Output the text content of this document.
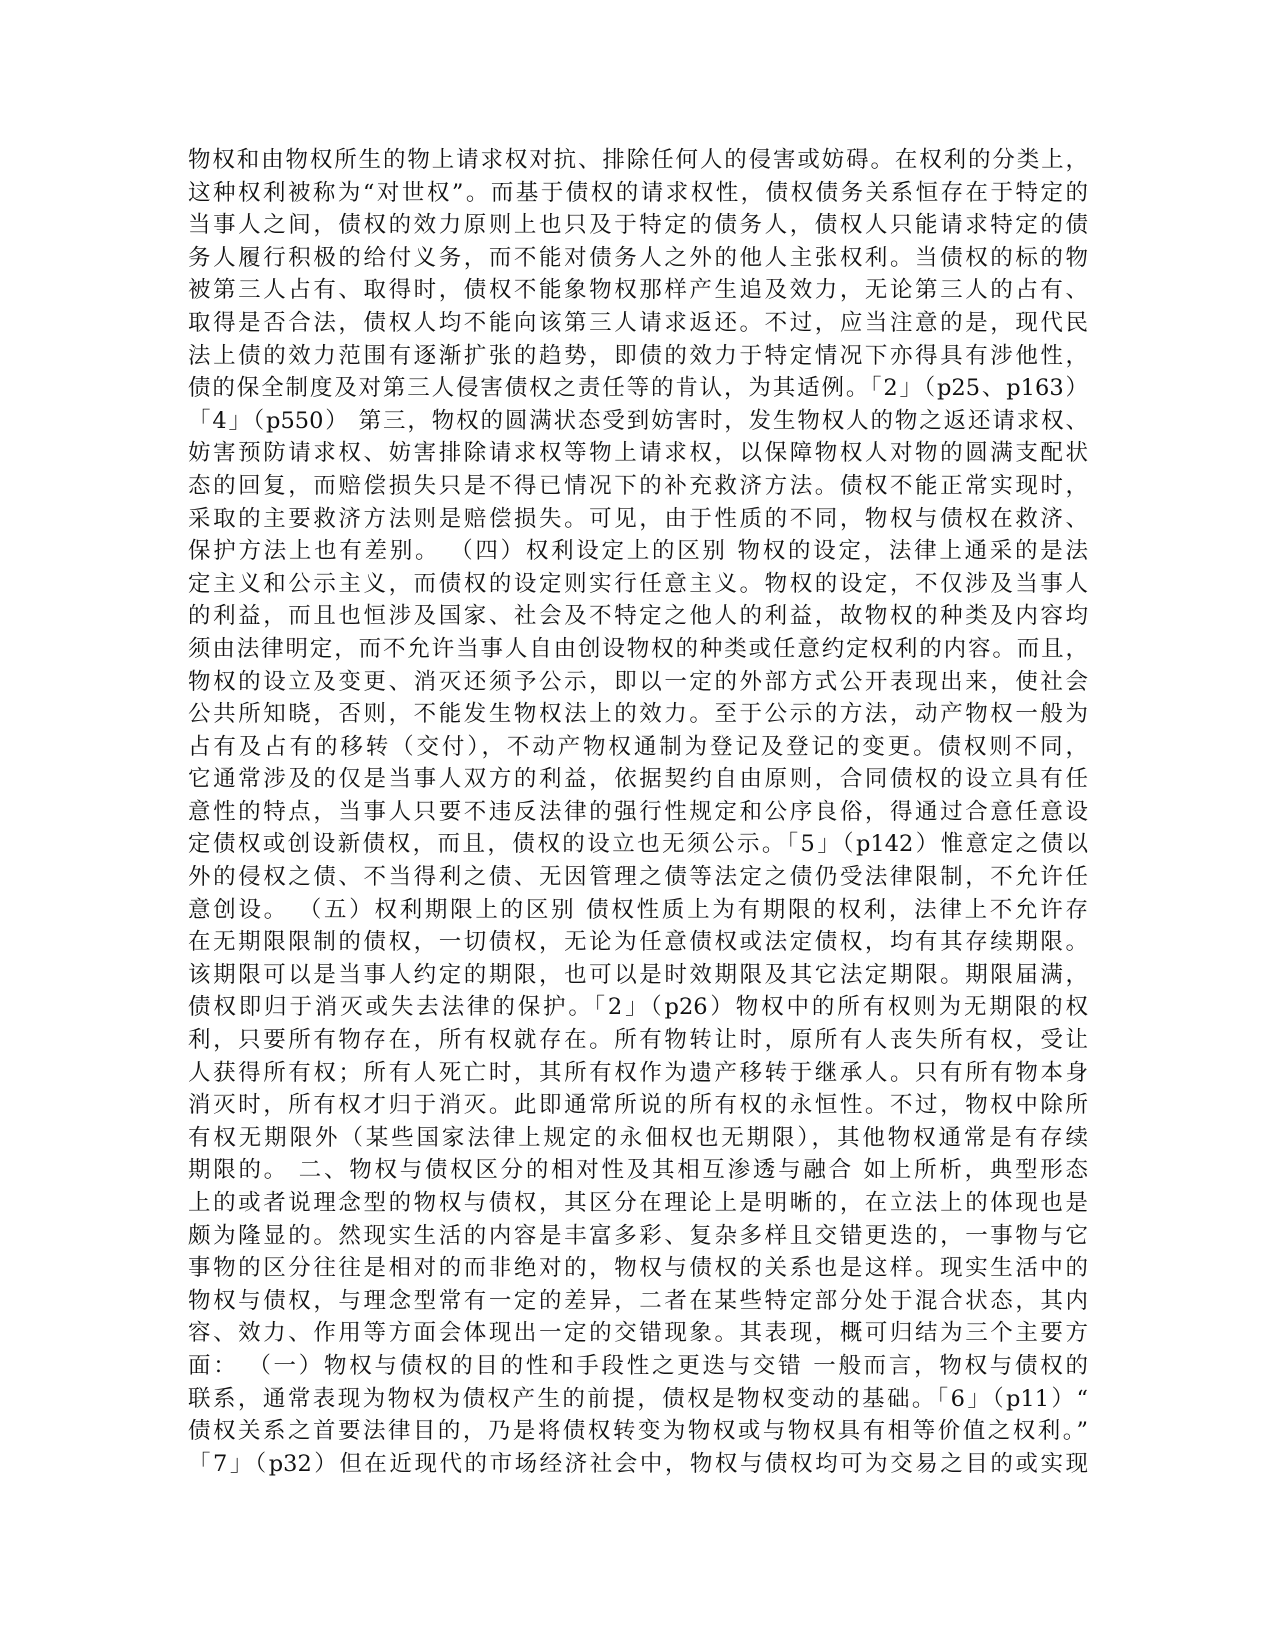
物权和由物权所生的物上请求权对抗、排除任何人的侵害或妨碍。在权利的分类上，
这种权利被称为“对世权”。而基于债权的请求权性，债权债务关系恒存在于特定的
当事人之间，债权的效力原则上也只及于特定的债务人，债权人只能请求特定的债
务人履行积极的给付义务，而不能对债务人之外的他人主张权利。当债权的标的物
被第三人占有、取得时，债权不能象物权那样产生追及效力，无论第三人的占有、
取得是否合法，债权人均不能向该第三人请求返还。不过，应当注意的是，现代民
法上债的效力范围有逐渐扩张的趋势，即债的效力于特定情况下亦得具有涉他性，
债的保全制度及对第三人侵害债权之责任等的肯认，为其适例。「2」（p25、p163）
「4」（p550） 第三，物权的圆满状态受到妨害时，发生物权人的物之返还请求权、
妨害预防请求权、妨害排除请求权等物上请求权，以保障物权人对物的圆满支配状
态的回复，而赔偿损失只是不得已情况下的补充救济方法。债权不能正常实现时，
采取的主要救济方法则是赔偿损失。可见，由于性质的不同，物权与债权在救济、
保护方法上也有差别。 （四）权利设定上的区别 物权的设定，法律上通采的是法
定主义和公示主义，而债权的设定则实行任意主义。物权的设定，不仅涉及当事人
的利益，而且也恒涉及国家、社会及不特定之他人的利益，故物权的种类及内容均
须由法律明定，而不允许当事人自由创设物权的种类或任意约定权利的内容。而且，
物权的设立及变更、消灭还须予公示，即以一定的外部方式公开表现出来，使社会
公共所知晓，否则，不能发生物权法上的效力。至于公示的方法，动产物权一般为
占有及占有的移转（交付），不动产物权通制为登记及登记的变更。债权则不同，
它通常涉及的仅是当事人双方的利益，依据契约自由原则，合同债权的设立具有任
意性的特点，当事人只要不违反法律的强行性规定和公序良俗，得通过合意任意设
定债权或创设新债权，而且，债权的设立也无须公示。「5」（p142）惟意定之债以
外的侵权之债、不当得利之债、无因管理之债等法定之债仍受法律限制，不允许任
意创设。 （五）权利期限上的区别 债权性质上为有期限的权利，法律上不允许存
在无期限限制的债权，一切债权，无论为任意债权或法定债权，均有其存续期限。
该期限可以是当事人约定的期限，也可以是时效期限及其它法定期限。期限届满，
债权即归于消灭或失去法律的保护。「2」（p26）物权中的所有权则为无期限的权
利，只要所有物存在，所有权就存在。所有物转让时，原所有人丧失所有权，受让
人获得所有权；所有人死亡时，其所有权作为遗产移转于继承人。只有所有物本身
消灭时，所有权才归于消灭。此即通常所说的所有权的永恒性。不过，物权中除所
有权无期限外（某些国家法律上规定的永佃权也无期限），其他物权通常是有存续
期限的。 二、物权与债权区分的相对性及其相互渗透与融合 如上所析，典型形态
上的或者说理念型的物权与债权，其区分在理论上是明晰的，在立法上的体现也是
颇为隆显的。然现实生活的内容是丰富多彩、复杂多样且交错更迭的，一事物与它
事物的区分往往是相对的而非绝对的，物权与债权的关系也是这样。现实生活中的
物权与债权，与理念型常有一定的差异，二者在某些特定部分处于混合状态，其内
容、效力、作用等方面会体现出一定的交错现象。其表现，概可归结为三个主要方
面： （一）物权与债权的目的性和手段性之更迭与交错 一般而言，物权与债权的
联系，通常表现为物权为债权产生的前提，债权是物权变动的基础。「6」（p11）“
债权关系之首要法律目的，乃是将债权转变为物权或与物权具有相等价值之权利。”
「7」（p32）但在近现代的市场经济社会中，物权与债权均可为交易之目的或实现
